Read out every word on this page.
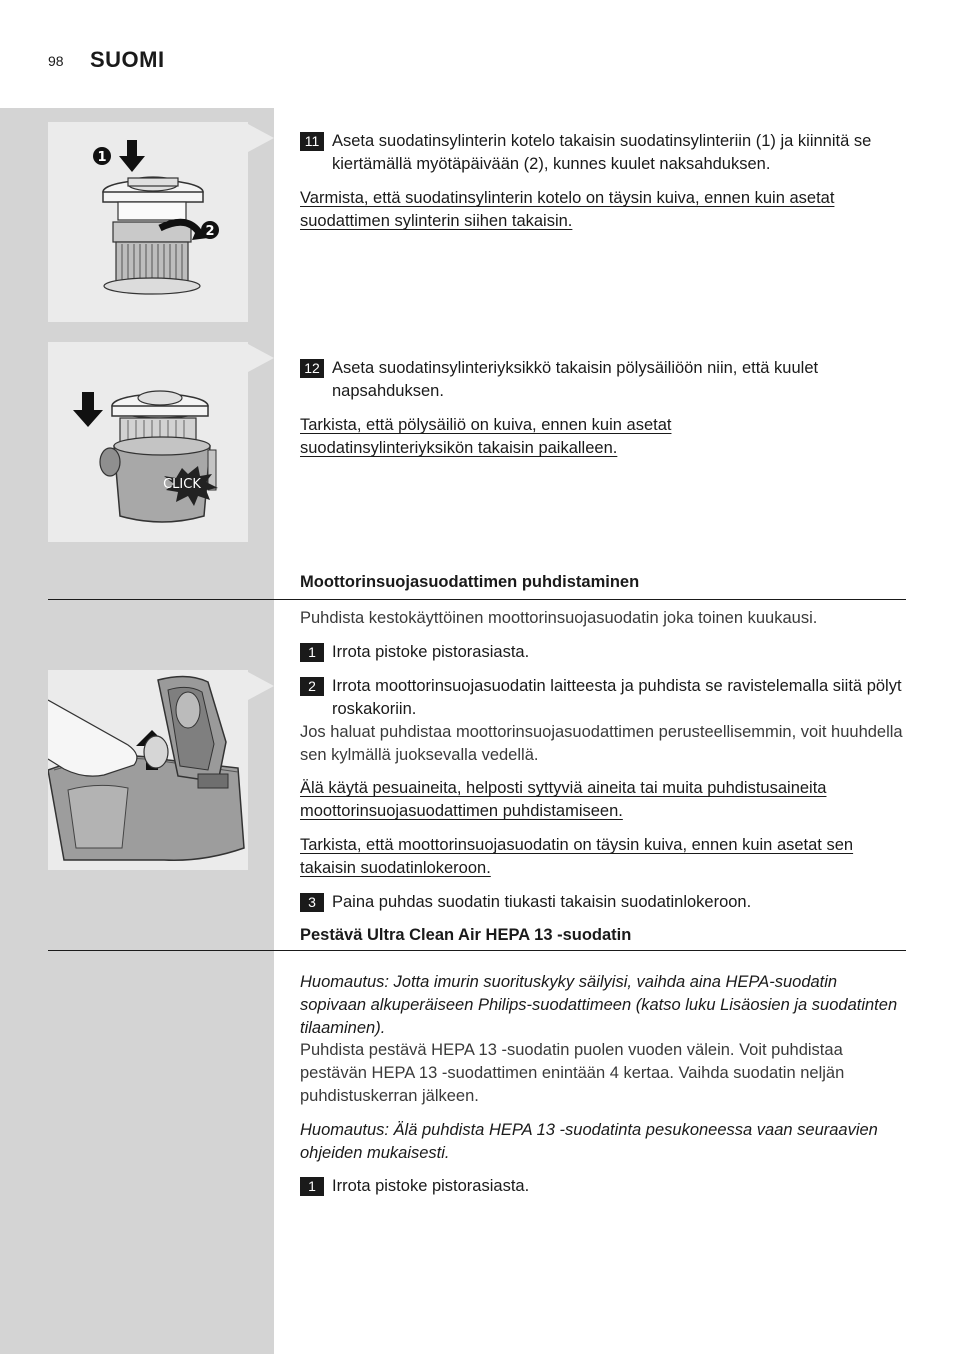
98 SUOMI
1
2
11 Aseta suodatinsylinterin kotelo takaisin suodatinsylinteriin (1) ja kiinnitä se kiertämällä myötäpäivään (2), kunnes kuulet naksahduksen.
Varmista, että suodatinsylinterin kotelo on täysin kuiva, ennen kuin asetat suodattimen sylinterin siihen takaisin.
CLICK
12 Aseta suodatinsylinteriyksikkö takaisin pölysäiliöön niin, että kuulet napsahduksen.
Tarkista, että pölysäiliö on kuiva, ennen kuin asetat suodatinsylinteriyksikön takaisin paikalleen.
Moottorinsuojasuodattimen puhdistaminen
Puhdista kestokäyttöinen moottorinsuojasuodatin joka toinen kuukausi.
1 Irrota pistoke pistorasiasta.
2 Irrota moottorinsuojasuodatin laitteesta ja puhdista se ravistelemalla siitä pölyt roskakoriin.
Jos haluat puhdistaa moottorinsuojasuodattimen perusteellisemmin, voit huuhdella sen kylmällä juoksevalla vedellä.
Älä käytä pesuaineita, helposti syttyviä aineita tai muita puhdistusaineita moottorinsuojasuodattimen puhdistamiseen.
Tarkista, että moottorinsuojasuodatin on täysin kuiva, ennen kuin asetat sen takaisin suodatinlokeroon.
3 Paina puhdas suodatin tiukasti takaisin suodatinlokeroon.
Pestävä Ultra Clean Air HEPA 13 -suodatin
Huomautus: Jotta imurin suorituskyky säilyisi, vaihda aina HEPA-suodatin sopivaan alkuperäiseen Philips-suodattimeen (katso luku Lisäosien ja suodatinten tilaaminen).
Puhdista pestävä HEPA 13 -suodatin puolen vuoden välein. Voit puhdistaa pestävän HEPA 13 -suodattimen enintään 4 kertaa. Vaihda suodatin neljän puhdistuskerran jälkeen.
Huomautus: Älä puhdista HEPA 13 -suodatinta pesukoneessa vaan seuraavien ohjeiden mukaisesti.
1 Irrota pistoke pistorasiasta.
